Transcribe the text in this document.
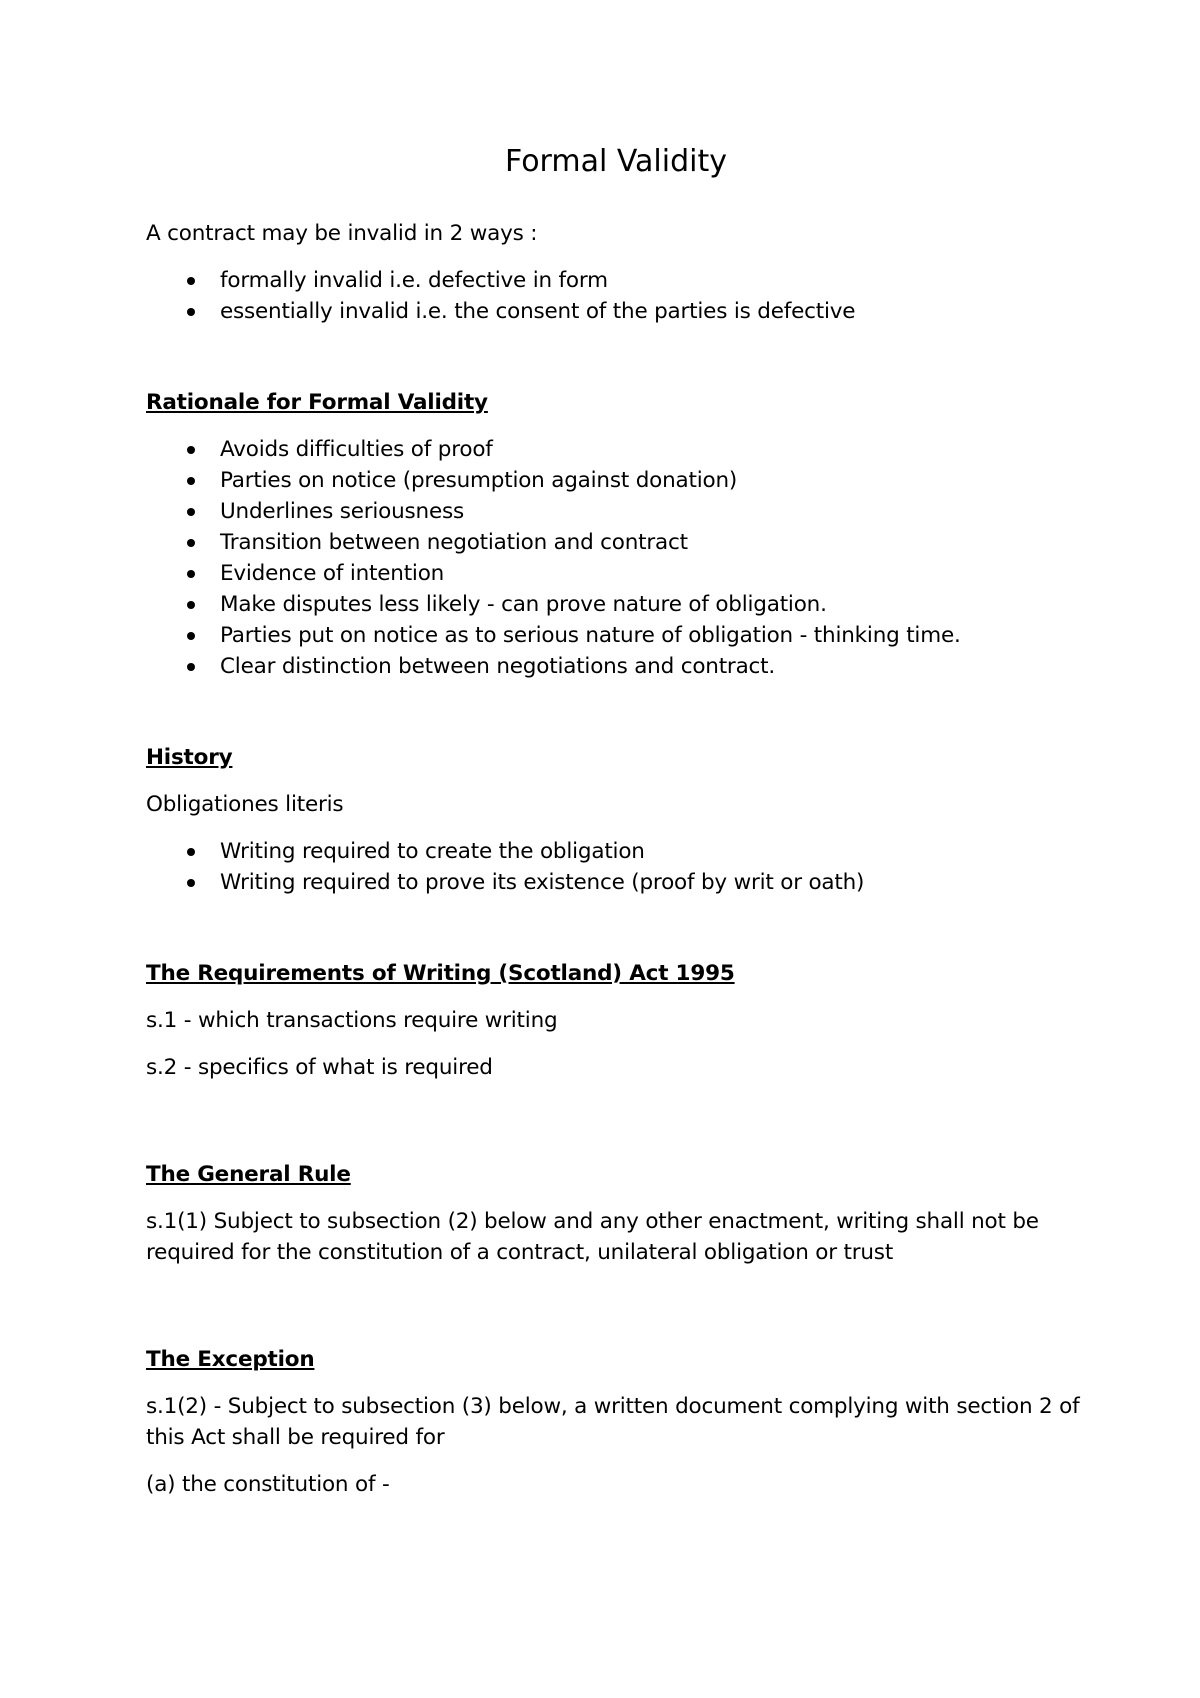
Formal Validity
A contract may be invalid in 2 ways :
formally invalid i.e. defective in form
essentially invalid i.e. the consent of the parties is defective
Rationale for Formal Validity
Avoids difficulties of proof
Parties on notice (presumption against donation)
Underlines seriousness
Transition between negotiation and contract
Evidence of intention
Make disputes less likely - can prove nature of obligation.
Parties put on notice as to serious nature of obligation - thinking time.
Clear distinction between negotiations and contract.
History
Obligationes literis
Writing required to create the obligation
Writing required to prove its existence (proof by writ or oath)
The Requirements of Writing (Scotland) Act 1995
s.1 - which transactions require writing
s.2 - specifics of what is required
The General Rule
s.1(1) Subject to subsection (2) below and any other enactment, writing shall not be required for the constitution of a contract, unilateral obligation or trust
The Exception
s.1(2) - Subject to subsection (3) below, a written document complying with section 2 of this Act shall be required for
(a) the constitution of -
